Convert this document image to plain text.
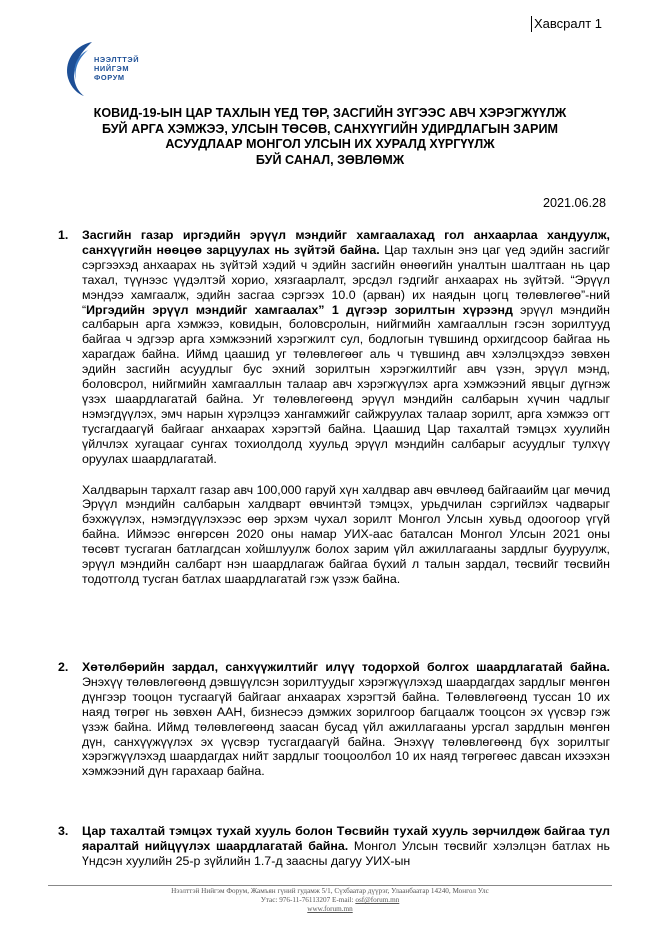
Хавсралт 1
НЭЭЛТТЭЙ
НИЙГЭМ
ФОРУМ
КОВИД-19-ЫН ЦАР ТАХЛЫН ҮЕД ТӨР, ЗАСГИЙН ЗҮГЭЭС АВЧ ХЭРЭГЖҮҮЛЖ
БУЙ АРГА ХЭМЖЭЭ, УЛСЫН ТӨСӨВ, САНХҮҮГИЙН УДИРДЛАГЫН ЗАРИМ
АСУУДЛААР МОНГОЛ УЛСЫН ИХ ХУРАЛД ХҮРГҮҮЛЖ
БУЙ САНАЛ, ЗӨВЛӨМЖ
2021.06.28
1. Засгийн газар иргэдийн эрүүл мэндийг хамгаалахад гол анхаарлаа хандуулж, санхүүгийн нөөцөө зарцуулах нь зүйтэй байна. Цар тахлын энэ цаг үед эдийн засгийг сэргээхэд анхаарах нь зүйтэй хэдий ч эдийн засгийн өнөөгийн уналтын шалтгаан нь цар тахал, түүнээс үүдэлтэй хорио, хязгаарлалт, эрсдэл гэдгийг анхаарах нь зүйтэй. “Эрүүл мэндээ хамгаалж, эдийн засгаа сэргээх 10.0 (арван) их наядын цогц төлөвлөгөө”-ний “Иргэдийн эрүүл мэндийг хамгаалах” 1 дүгээр зорилтын хүрээнд эрүүл мэндийн салбарын арга хэмжээ, ковидын, боловсролын, нийгмийн хамгааллын гэсэн зорилтууд байгаа ч эдгээр арга хэмжээний хэрэгжилт сул, бодлогын түвшинд орхигдсоор байгаа нь харагдаж байна. Иймд цаашид уг төлөвлөгөөг аль ч түвшинд авч хэлэлцэхдээ зөвхөн эдийн засгийн асуудлыг бус эхний зорилтын хэрэгжилтийг авч үзэн, эрүүл мэнд, боловсрол, нийгмийн хамгааллын талаар авч хэрэгжүүлэх арга хэмжээний явцыг дүгнэж үзэх шаардлагатай байна. Уг төлөвлөгөөнд эрүүл мэндийн салбарын хүчин чадлыг нэмэгдүүлэх, эмч нарын хүрэлцээ хангамжийг сайжруулах талаар зорилт, арга хэмжээ огт тусгагдаагүй байгааг анхаарах хэрэгтэй байна. Цаашид Цар тахалтай тэмцэх хуулийн үйлчлэх хугацааг сунгах тохиолдолд хуульд эрүүл мэндийн салбарыг асуудлыг тулхүү оруулах шаардлагатай.

Халдварын тархалт газар авч 100,000 гаруй хүн халдвар авч өвчлөөд байгааийм цаг мөчид Эрүүл мэндийн салбарын халдварт өвчинтэй тэмцэх, урьдчилан сэргийлэх чадварыг бэхжүүлэх, нэмэгдүүлэхээс өөр эрхэм чухал зорилт Монгол Улсын хувьд одоогоор үгүй байна. Иймээс өнгөрсөн 2020 оны намар УИХ-аас баталсан Монгол Улсын 2021 оны төсөвт тусгаган батлагдсан хойшлуулж болох зарим үйл ажиллагааны зардлыг бууруулж, эрүүл мэндийн салбарт нэн шаардлагаж байгаа бүхий л талын зардал, төсвийг төсвийн тодотголд тусган батлах шаардлагатай гэж үзэж байна.

2. Хөтөлбөрийн зардал, санхүүжилтийг илүү тодорхой болгох шаардлагатай байна. Энэхүү төлөвлөгөөнд дэвшүүлсэн зорилтуудыг хэрэгжүүлэхэд шаардагдах зардлыг мөнгөн дүнгээр тооцон тусгаагүй байгааг анхаарах хэрэгтэй байна. Төлөвлөгөөнд туссан 10 их наяд төгрөг нь зөвхөн ААН, бизнесээ дэмжих зорилгоор багцаалж тооцсон эх үүсвэр гэж үзэж байна. Иймд төлөвлөгөөнд заасан бусад үйл ажиллагааны урсгал зардлын мөнгөн дүн, санхүүжүүлэх эх үүсвэр тусгагдаагүй байна. Энэхүү төлөвлөгөөнд бүх зорилтыг хэрэгжүүлэхэд шаардагдах нийт зардлыг тооцоолбол 10 их наяд төгрөгөөс давсан ихээхэн хэмжээний дүн гарахаар байна.

3. Цар тахалтай тэмцэх тухай хууль болон Төсвийн тухай хууль зөрчилдөж байгаа тул яаралтай нийцүүлэх шаардлагатай байна. Монгол Улсын төсвийг хэлэлцэн батлах нь Үндсэн хуулийн 25-р зүйлийн 1.7-д заасны дагуу УИХ-ын

Нээлттэй Нийгэм Форум, Жамъян гүний гудамж 5/1, Сүхбаатар дүүрэг, Улаанбаатар 14240, Монгол Улс
Утас: 976-11-76113207 E-mail: osf@forum.mn
www.forum.mn
